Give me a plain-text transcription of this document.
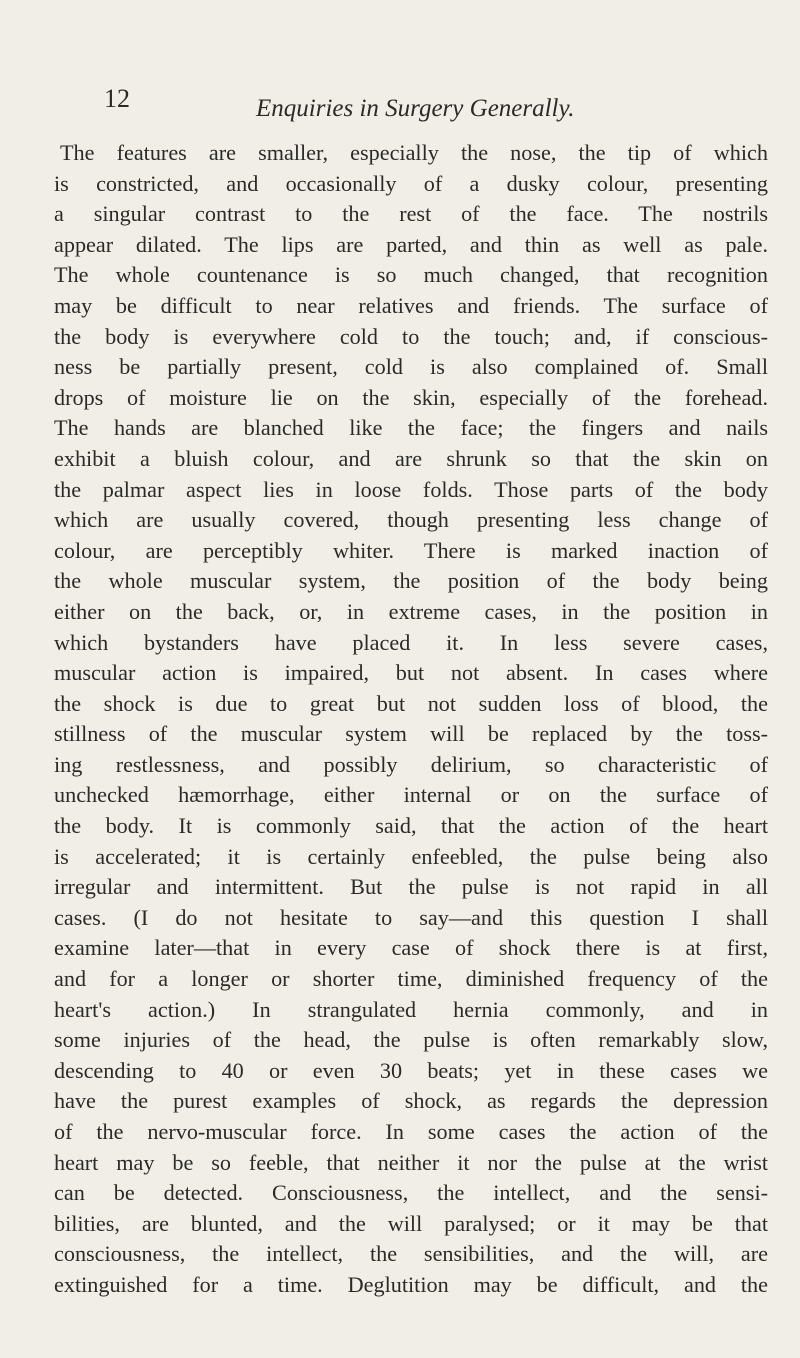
12	Enquiries in Surgery Generally.
The features are smaller, especially the nose, the tip of which
is constricted, and occasionally of a dusky colour, presenting
a singular contrast to the rest of the face. The nostrils
appear dilated. The lips are parted, and thin as well as pale.
The whole countenance is so much changed, that recognition
may be difficult to near relatives and friends. The surface of
the body is everywhere cold to the touch; and, if conscious-
ness be partially present, cold is also complained of. Small
drops of moisture lie on the skin, especially of the forehead.
The hands are blanched like the face; the fingers and nails
exhibit a bluish colour, and are shrunk so that the skin on
the palmar aspect lies in loose folds. Those parts of the body
which are usually covered, though presenting less change of
colour, are perceptibly whiter. There is marked inaction of
the whole muscular system, the position of the body being
either on the back, or, in extreme cases, in the position in
which bystanders have placed it. In less severe cases,
muscular action is impaired, but not absent. In cases where
the shock is due to great but not sudden loss of blood, the
stillness of the muscular system will be replaced by the toss-
ing restlessness, and possibly delirium, so characteristic of
unchecked hæmorrhage, either internal or on the surface of
the body. It is commonly said, that the action of the heart
is accelerated; it is certainly enfeebled, the pulse being also
irregular and intermittent. But the pulse is not rapid in all
cases. (I do not hesitate to say—and this question I shall
examine later—that in every case of shock there is at first,
and for a longer or shorter time, diminished frequency of the
heart's action.) In strangulated hernia commonly, and in
some injuries of the head, the pulse is often remarkably slow,
descending to 40 or even 30 beats; yet in these cases we
have the purest examples of shock, as regards the depression
of the nervo-muscular force. In some cases the action of the
heart may be so feeble, that neither it nor the pulse at the wrist
can be detected. Consciousness, the intellect, and the sensi-
bilities, are blunted, and the will paralysed; or it may be that
consciousness, the intellect, the sensibilities, and the will, are
extinguished for a time. Deglutition may be difficult, and the
